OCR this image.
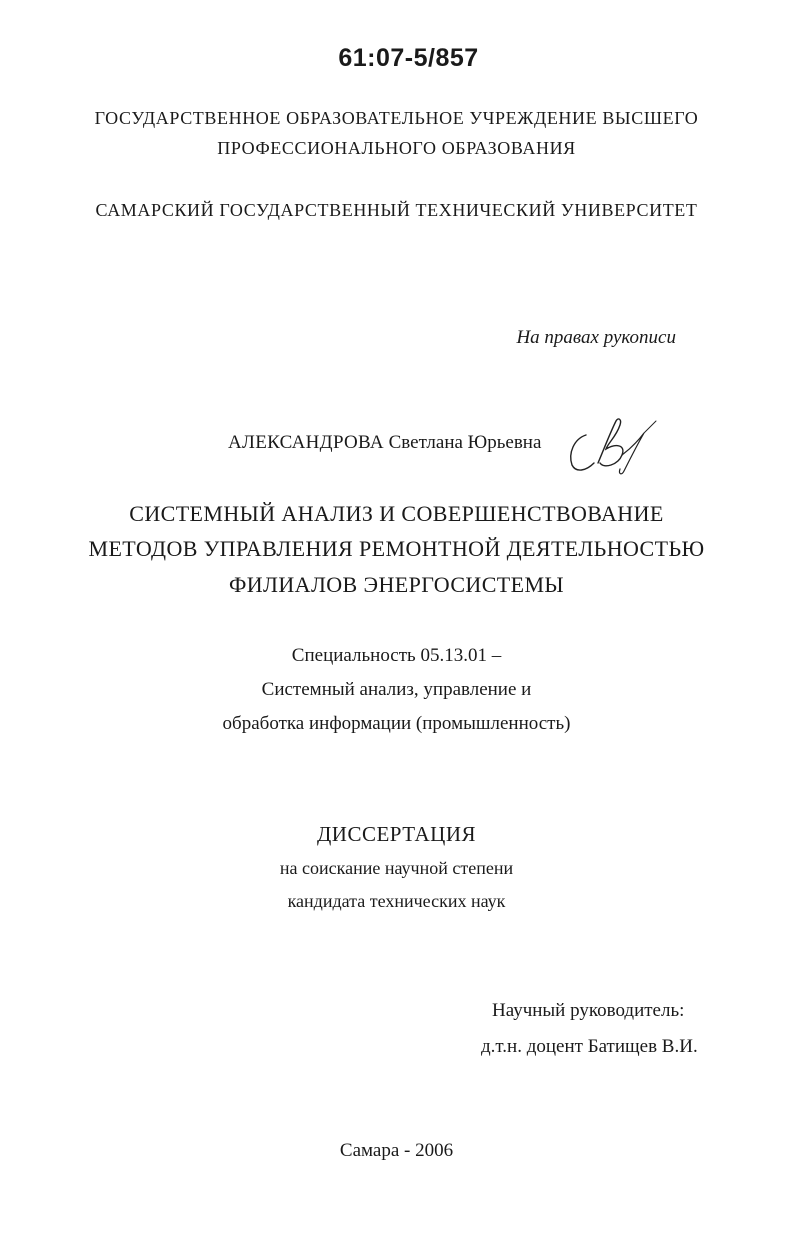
61:07-5/857
ГОСУДАРСТВЕННОЕ ОБРАЗОВАТЕЛЬНОЕ УЧРЕЖДЕНИЕ ВЫСШЕГО
ПРОФЕССИОНАЛЬНОГО ОБРАЗОВАНИЯ
САМАРСКИЙ ГОСУДАРСТВЕННЫЙ ТЕХНИЧЕСКИЙ УНИВЕРСИТЕТ
На правах рукописи
АЛЕКСАНДРОВА Светлана Юрьевна
СИСТЕМНЫЙ АНАЛИЗ И СОВЕРШЕНСТВОВАНИЕ
МЕТОДОВ УПРАВЛЕНИЯ РЕМОНТНОЙ ДЕЯТЕЛЬНОСТЬЮ
ФИЛИАЛОВ ЭНЕРГОСИСТЕМЫ
Специальность 05.13.01 –
Системный анализ, управление и
обработка информации (промышленность)
ДИССЕРТАЦИЯ
на соискание научной степени
кандидата технических наук
Научный руководитель:
д.т.н. доцент Батищев В.И.
Самара - 2006
